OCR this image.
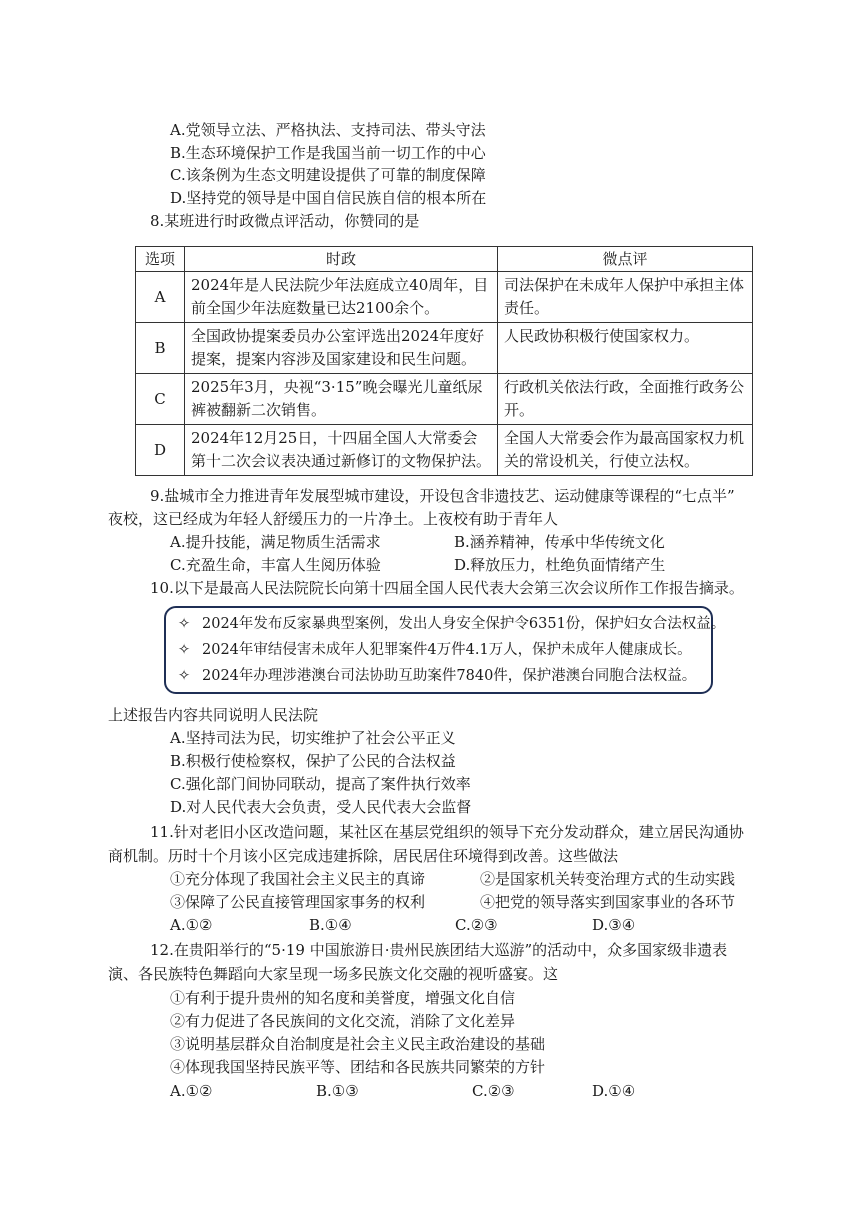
A.党领导立法、严格执法、支持司法、带头守法
B.生态环境保护工作是我国当前一切工作的中心
C.该条例为生态文明建设提供了可靠的制度保障
D.坚持党的领导是中国自信民族自信的根本所在
8.某班进行时政微点评活动，你赞同的是
选项	时政	微点评
A	2024年是人民法院少年法庭成立40周年，目前全国少年法庭数量已达2100余个。	司法保护在未成年人保护中承担主体责任。
B	全国政协提案委员办公室评选出2024年度好提案，提案内容涉及国家建设和民生问题。	人民政协积极行使国家权力。
C	2025年3月，央视“3·15”晚会曝光儿童纸尿裤被翻新二次销售。	行政机关依法行政，全面推行政务公开。
D	2024年12月25日，十四届全国人大常委会第十二次会议表决通过新修订的文物保护法。	全国人大常委会作为最高国家权力机关的常设机关，行使立法权。
9.盐城市全力推进青年发展型城市建设，开设包含非遗技艺、运动健康等课程的“七点半”
夜校，这已经成为年轻人舒缓压力的一片净土。上夜校有助于青年人
A.提升技能，满足物质生活需求	B.涵养精神，传承中华传统文化
C.充盈生命，丰富人生阅历体验	D.释放压力，杜绝负面情绪产生
10.以下是最高人民法院院长向第十四届全国人民代表大会第三次会议所作工作报告摘录。
✧ 2024年发布反家暴典型案例，发出人身安全保护令6351份，保护妇女合法权益。
✧ 2024年审结侵害未成年人犯罪案件4万件4.1万人，保护未成年人健康成长。
✧ 2024年办理涉港澳台司法协助互助案件7840件，保护港澳台同胞合法权益。
上述报告内容共同说明人民法院
A.坚持司法为民，切实维护了社会公平正义
B.积极行使检察权，保护了公民的合法权益
C.强化部门间协同联动，提高了案件执行效率
D.对人民代表大会负责，受人民代表大会监督
11.针对老旧小区改造问题，某社区在基层党组织的领导下充分发动群众，建立居民沟通协
商机制。历时十个月该小区完成违建拆除，居民居住环境得到改善。这些做法
①充分体现了我国社会主义民主的真谛	②是国家机关转变治理方式的生动实践
③保障了公民直接管理国家事务的权利	④把党的领导落实到国家事业的各环节
A.①②	B.①④	C.②③	D.③④
12.在贵阳举行的“5·19 中国旅游日·贵州民族团结大巡游”的活动中，众多国家级非遗表
演、各民族特色舞蹈向大家呈现一场多民族文化交融的视听盛宴。这
①有利于提升贵州的知名度和美誉度，增强文化自信
②有力促进了各民族间的文化交流，消除了文化差异
③说明基层群众自治制度是社会主义民主政治建设的基础
④体现我国坚持民族平等、团结和各民族共同繁荣的方针
A.①②	B.①③	C.②③	D.①④
